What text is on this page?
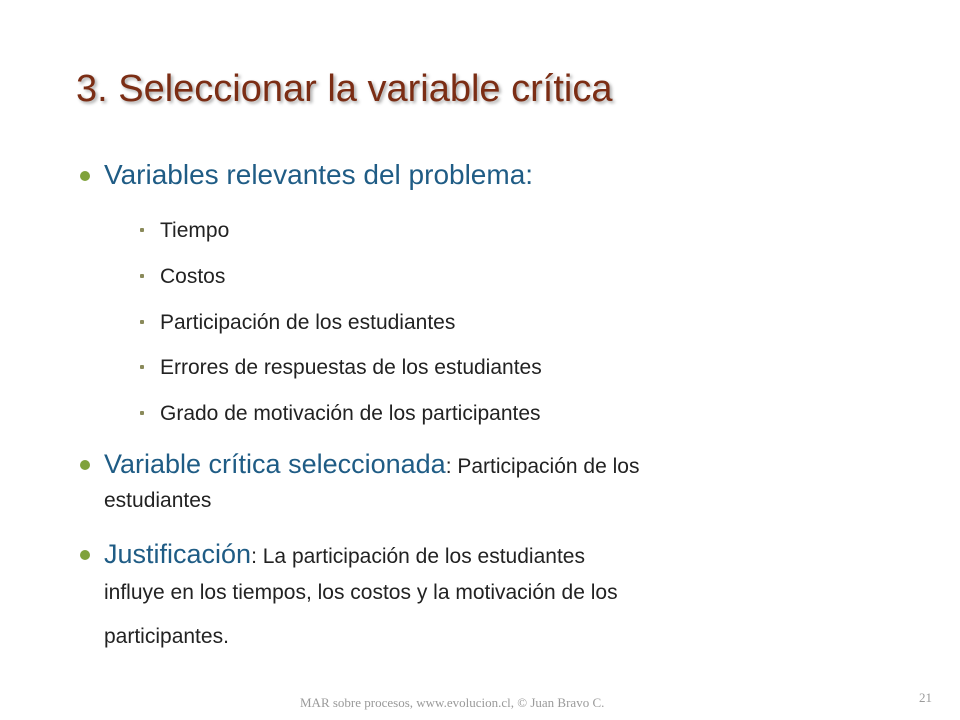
3. Seleccionar la variable crítica
Variables relevantes del problema:
Tiempo
Costos
Participación de los estudiantes
Errores de respuestas de los estudiantes
Grado de motivación de los participantes
Variable crítica seleccionada: Participación de los
estudiantes
Justificación: La participación de los estudiantes
influye en los tiempos, los costos y la motivación de los
participantes.
MAR sobre procesos, www.evolucion.cl, © Juan Bravo C.	21
